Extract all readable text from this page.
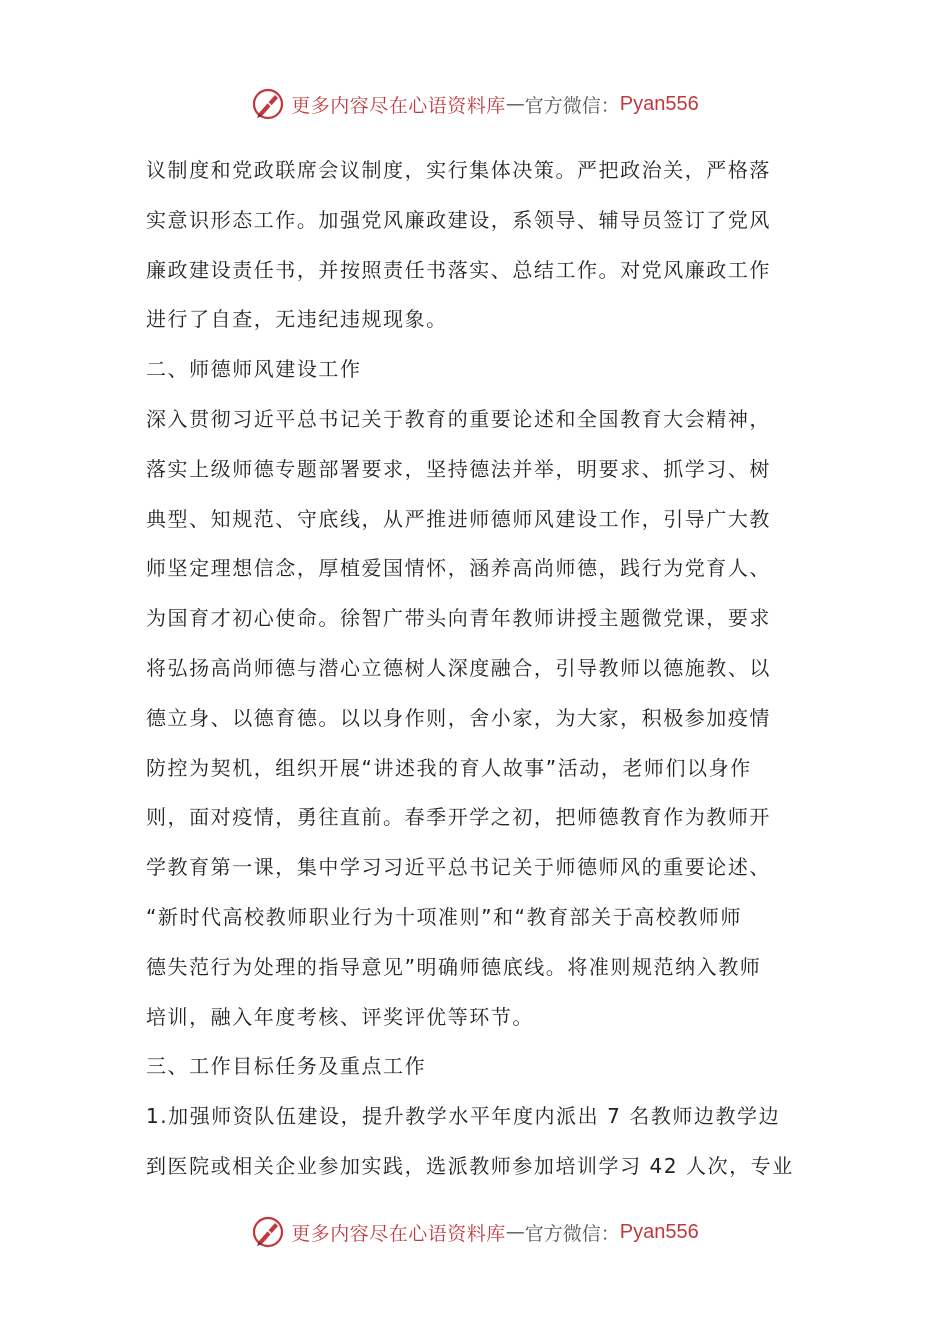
更多内容尽在心语资料库 — 官方微信： Pyan556
议制度和党政联席会议制度，实行集体决策。严把政治关，严格落
实意识形态工作。加强党风廉政建设，系领导、辅导员签订了党风
廉政建设责任书，并按照责任书落实、总结工作。对党风廉政工作
进行了自查，无违纪违规现象。
二、师德师风建设工作
深入贯彻习近平总书记关于教育的重要论述和全国教育大会精神，
落实上级师德专题部署要求，坚持德法并举，明要求、抓学习、树
典型、知规范、守底线，从严推进师德师风建设工作，引导广大教
师坚定理想信念，厚植爱国情怀，涵养高尚师德，践行为党育人、
为国育才初心使命。徐智广带头向青年教师讲授主题微党课，要求
将弘扬高尚师德与潜心立德树人深度融合，引导教师以德施教、以
德立身、以德育德。以以身作则，舍小家，为大家，积极参加疫情
防控为契机，组织开展“讲述我的育人故事”活动，老师们以身作
则，面对疫情，勇往直前。春季开学之初，把师德教育作为教师开
学教育第一课，集中学习习近平总书记关于师德师风的重要论述、
“新时代高校教师职业行为十项准则”和“教育部关于高校教师师
德失范行为处理的指导意见”明确师德底线。将准则规范纳入教师
培训，融入年度考核、评奖评优等环节。
三、工作目标任务及重点工作
1.加强师资队伍建设，提升教学水平年度内派出 7 名教师边教学边
到医院或相关企业参加实践，选派教师参加培训学习 42 人次，专业
更多内容尽在心语资料库 — 官方微信： Pyan556
